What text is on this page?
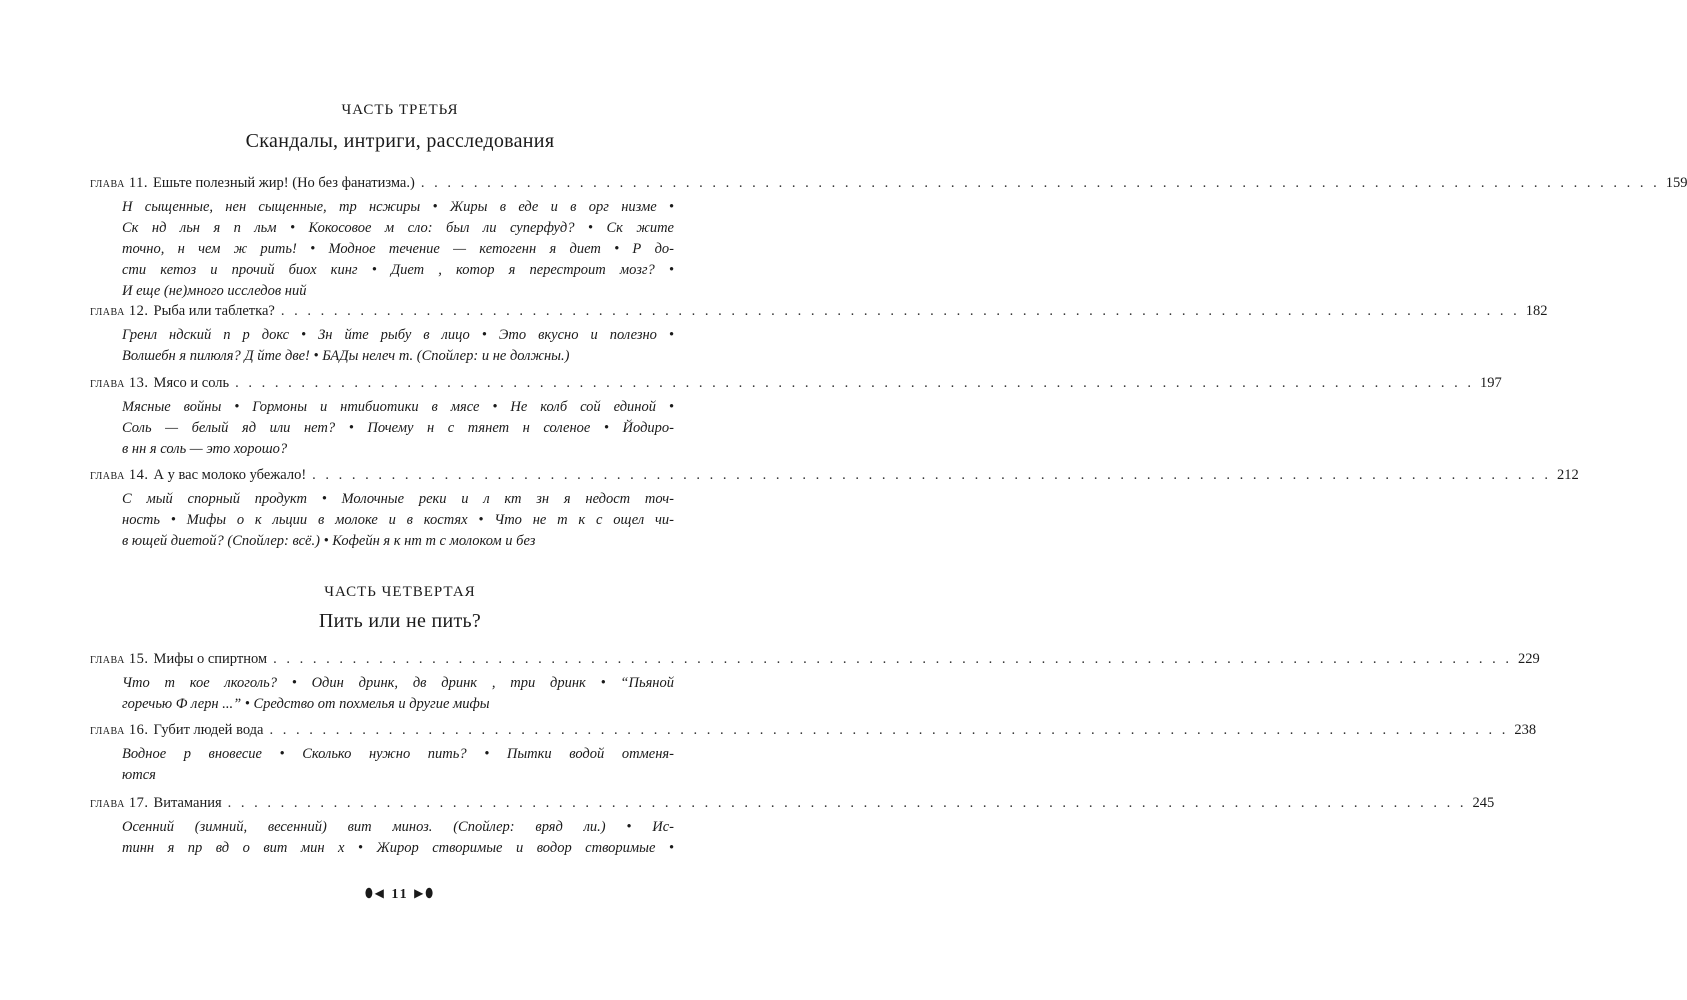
ЧАСТЬ ТРЕТЬЯ
Скандалы, интриги, расследования
глава 11. Ешьте полезный жир! (Но без фанатизма.) . . . . . . . . . . . . . . . . . . . . . . . . . . . . . . . . . . . . . . . . . . . . . . . . . . . . . . . . . . . . . . . . . . . . . . . . . . . . . . . . . . . . . . . . . . . . . . 159
Н сыщенные, нен сыщенные, тр нсжиры • Жиры в еде и в орг низме •
Ск нд льн я п льм • Кокосовое м сло: был ли суперфуд? • Ск жите
точно, н чем ж рить! • Модное течение — кетогенн я диет • Р до-
сти кетоз и прочий биох кинг • Диет , котор я перестроит мозг? •
И еще (не)много исследов ний
глава 12. Рыба или таблетка? . . . . . . . . . . . . . . . . . . . . . . . . . . . . . . . . . . . . . . . . . . . . . . . . . . . . . . . . . . . . . . . . . . . . . . . . . . . . . . . . . . . . . . . . . . . . . . 182
Гренл ндский п р докс • Зн йте рыбу в лицо • Это вкусно и полезно •
Волшебн я пилюля? Д йте две! • БАДы нелеч т. (Спойлер: и не должны.)
глава 13. Мясо и соль . . . . . . . . . . . . . . . . . . . . . . . . . . . . . . . . . . . . . . . . . . . . . . . . . . . . . . . . . . . . . . . . . . . . . . . . . . . . . . . . . . . . . . . . . . . . . . 197
Мясные войны • Гормоны и нтибиотики в мясе • Не колб сой единой •
Соль — белый яд или нет? • Почему н с тянет н соленое • Йодиро-
в нн я соль — это хорошо?
глава 14. А у вас молоко убежало! . . . . . . . . . . . . . . . . . . . . . . . . . . . . . . . . . . . . . . . . . . . . . . . . . . . . . . . . . . . . . . . . . . . . . . . . . . . . . . . . . . . . . . . . . . . . . . 212
С мый спорный продукт • Молочные реки и л кт зн я недост точ-
ность • Мифы о к льции в молоке и в костях • Что не т к с ощел чи-
в ющей диетой? (Спойлер: всё.) • Кофейн я к нт т с молоком и без
ЧАСТЬ ЧЕТВЕРТАЯ
Пить или не пить?
глава 15. Мифы о спиртном . . . . . . . . . . . . . . . . . . . . . . . . . . . . . . . . . . . . . . . . . . . . . . . . . . . . . . . . . . . . . . . . . . . . . . . . . . . . . . . . . . . . . . . . . . . . . . 229
Что т кое лкоголь? • Один дринк, дв дринк , три дринк • “Пьяной
горечью Ф лерн ...” • Средство от похмелья и другие мифы
глава 16. Губит людей вода . . . . . . . . . . . . . . . . . . . . . . . . . . . . . . . . . . . . . . . . . . . . . . . . . . . . . . . . . . . . . . . . . . . . . . . . . . . . . . . . . . . . . . . . . . . . . . 238
Водное р вновесие • Сколько нужно пить? • Пытки водой отменя-
ются
глава 17. Витамания . . . . . . . . . . . . . . . . . . . . . . . . . . . . . . . . . . . . . . . . . . . . . . . . . . . . . . . . . . . . . . . . . . . . . . . . . . . . . . . . . . . . . . . . . . . . . . 245
Осенний (зимний, весенний) вит миноз. (Спойлер: вряд ли.) • Ис-
тинн я пр вд о вит мин х • Жирор створимые и водор створимые •
⬮◀ 11 ▶⬮
